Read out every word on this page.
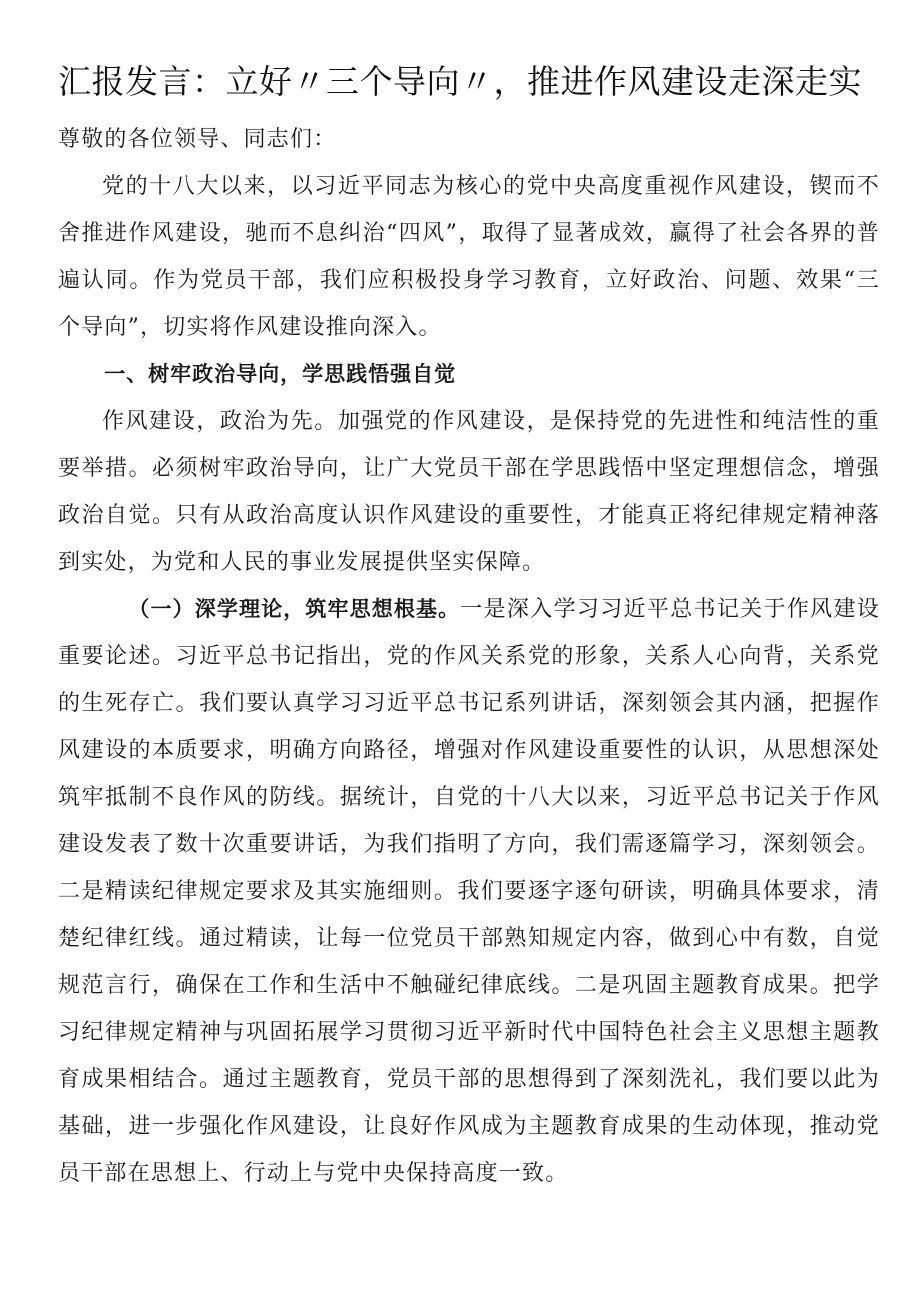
汇报发言：立好〃三个导向〃，推进作风建设走深走实

尊敬的各位领导、同志们：

党的十八大以来，以习近平同志为核心的党中央高度重视作风建设，锲而不舍推进作风建设，驰而不息纠治“四风”，取得了显著成效，赢得了社会各界的普遍认同。作为党员干部，我们应积极投身学习教育，立好政治、问题、效果“三个导向”，切实将作风建设推向深入。

一、树牢政治导向，学思践悟强自觉

作风建设，政治为先。加强党的作风建设，是保持党的先进性和纯洁性的重要举措。必须树牢政治导向，让广大党员干部在学思践悟中坚定理想信念，增强政治自觉。只有从政治高度认识作风建设的重要性，才能真正将纪律规定精神落到实处，为党和人民的事业发展提供坚实保障。

（一）深学理论，筑牢思想根基。一是深入学习习近平总书记关于作风建设重要论述。习近平总书记指出，党的作风关系党的形象，关系人心向背，关系党的生死存亡。我们要认真学习习近平总书记系列讲话，深刻领会其内涵，把握作风建设的本质要求，明确方向路径，增强对作风建设重要性的认识，从思想深处筑牢抵制不良作风的防线。据统计，自党的十八大以来，习近平总书记关于作风建设发表了数十次重要讲话，为我们指明了方向，我们需逐篇学习，深刻领会。二是精读纪律规定要求及其实施细则。我们要逐字逐句研读，明确具体要求，清楚纪律红线。通过精读，让每一位党员干部熟知规定内容，做到心中有数，自觉规范言行，确保在工作和生活中不触碰纪律底线。二是巩固主题教育成果。把学习纪律规定精神与巩固拓展学习贯彻习近平新时代中国特色社会主义思想主题教育成果相结合。通过主题教育，党员干部的思想得到了深刻洗礼，我们要以此为基础，进一步强化作风建设，让良好作风成为主题教育成果的生动体现，推动党员干部在思想上、行动上与党中央保持高度一致。
